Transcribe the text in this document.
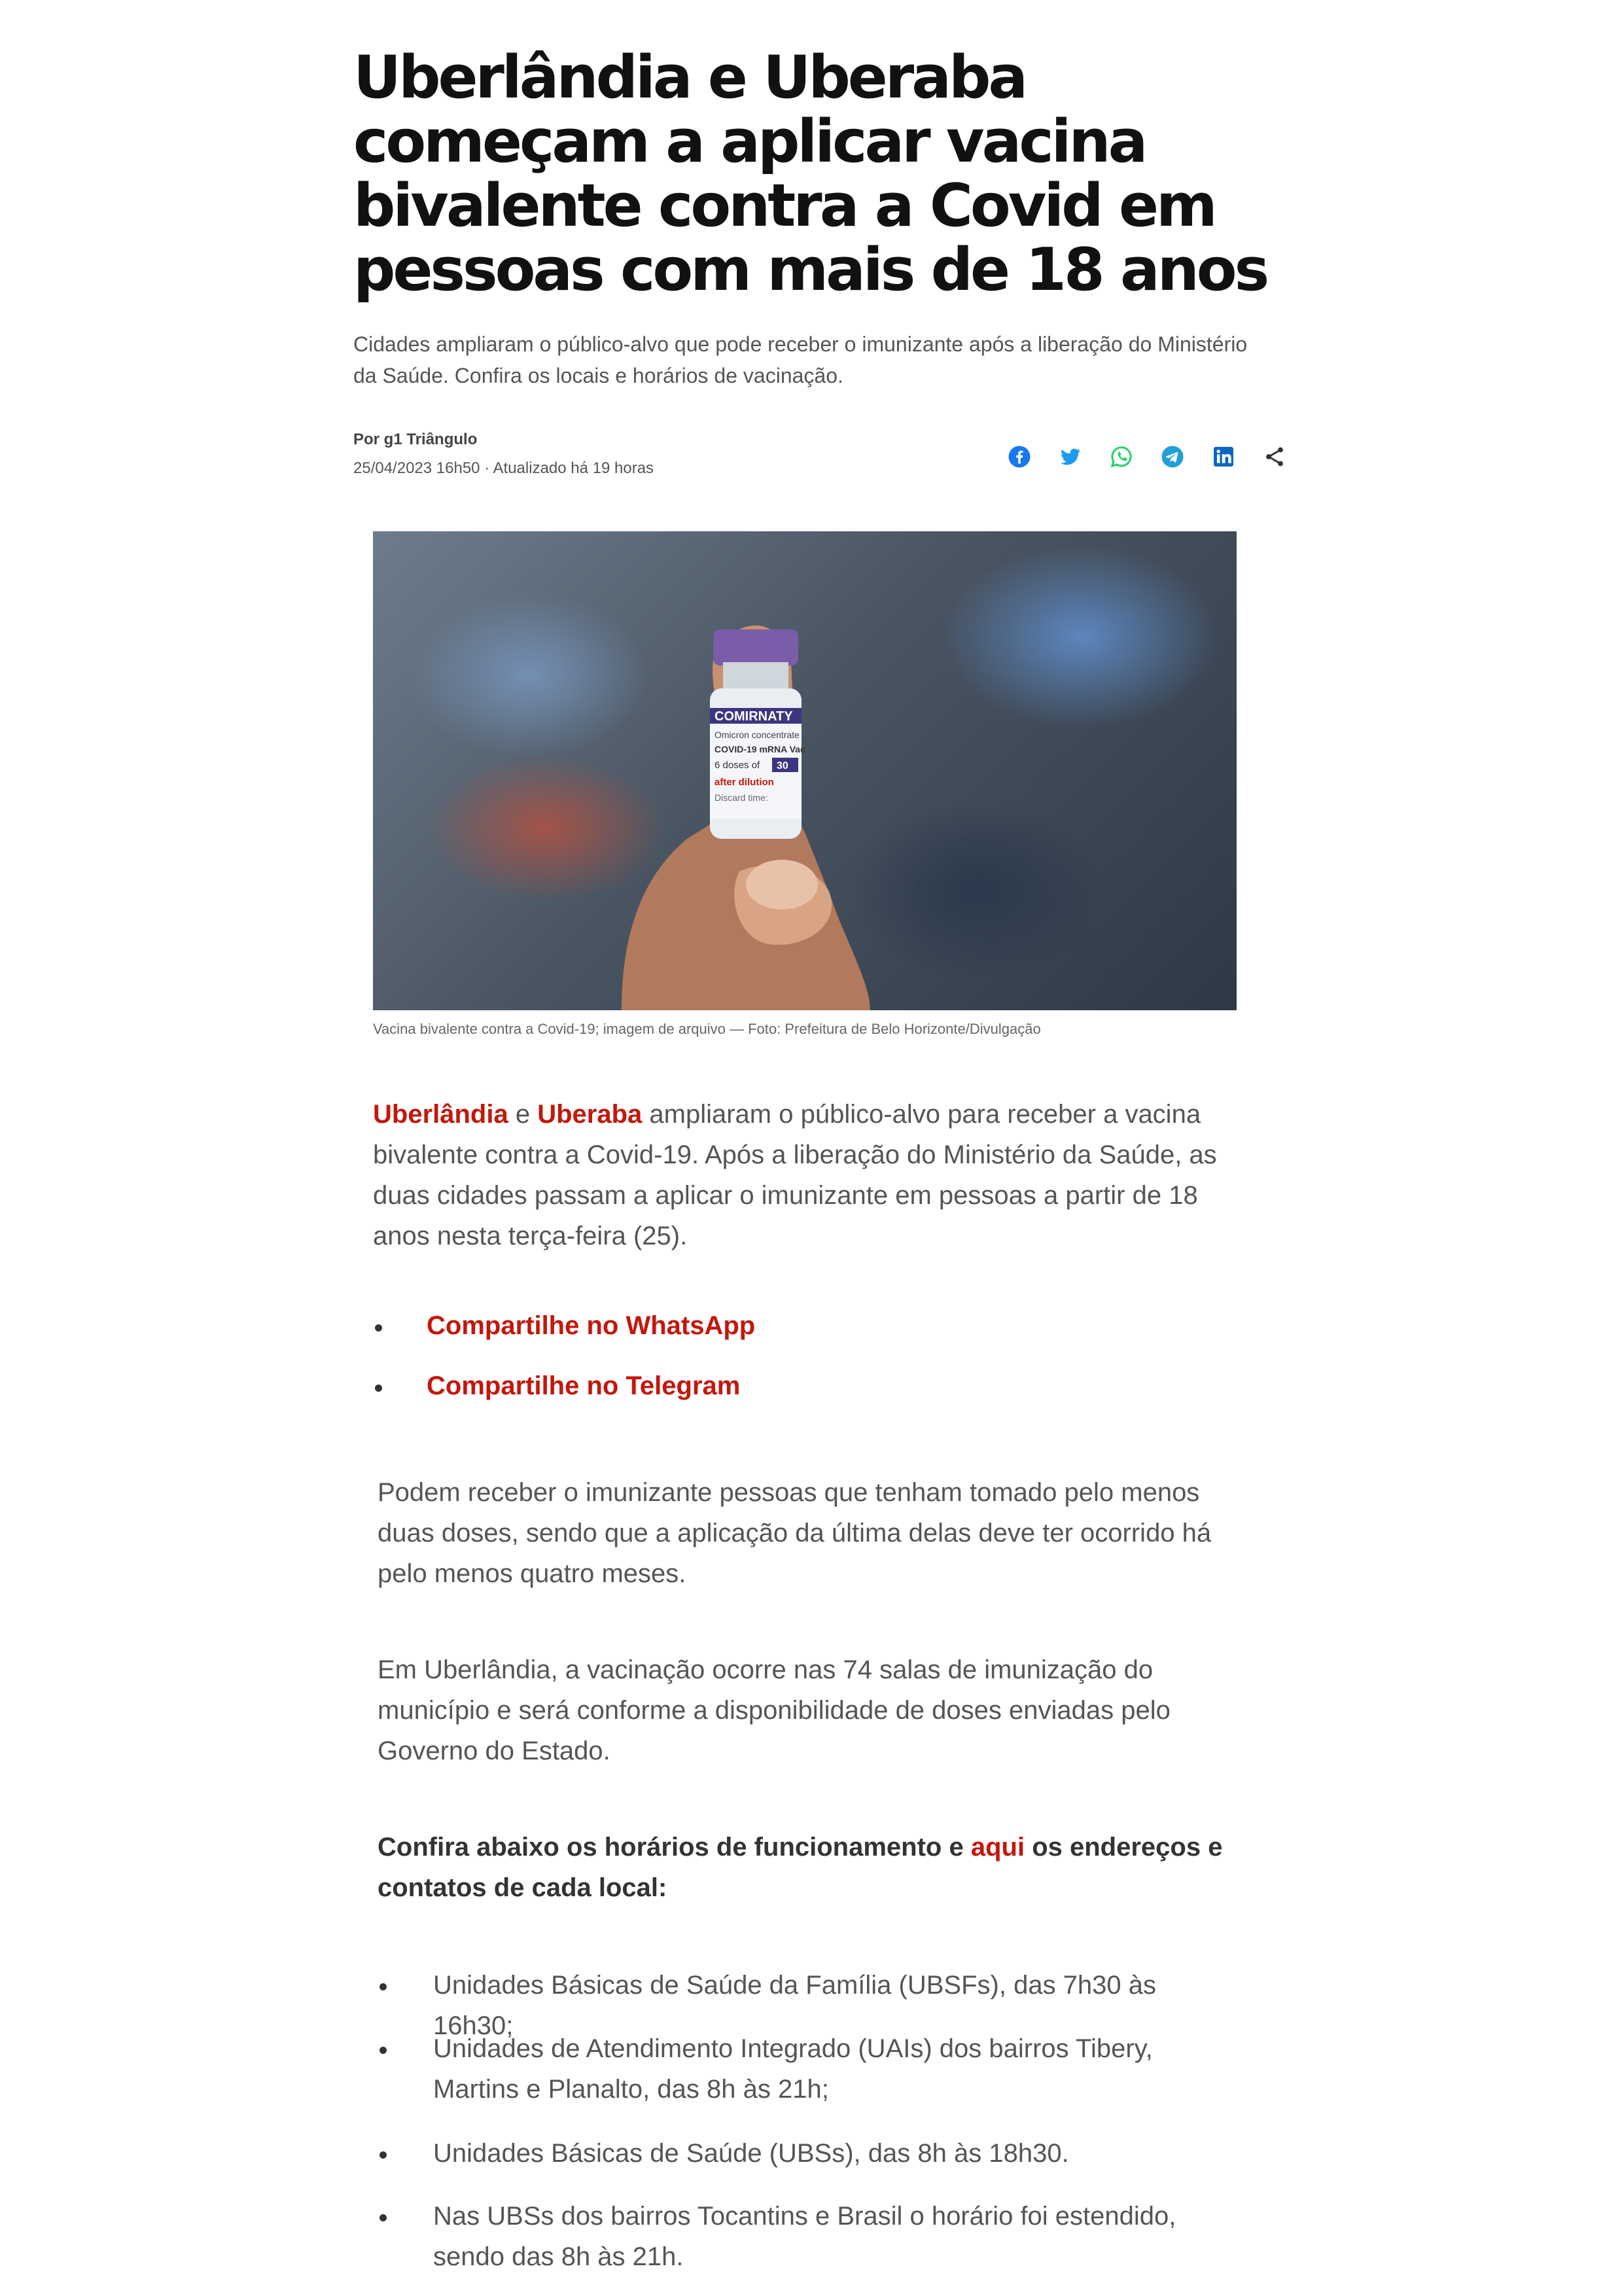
Uberlândia e Uberaba começam a aplicar vacina bivalente contra a Covid em pessoas com mais de 18 anos
Cidades ampliaram o público-alvo que pode receber o imunizante após a liberação do Ministério da Saúde. Confira os locais e horários de vacinação.
Por g1 Triângulo
25/04/2023 16h50 · Atualizado há 19 horas
COMIRNATY
Omicron concentrate
COVID-19 mRNA Vac
6 doses of 30
after dilution
Discard time:
Vacina bivalente contra a Covid-19; imagem de arquivo — Foto: Prefeitura de Belo Horizonte/Divulgação

Uberlândia e Uberaba ampliaram o público-alvo para receber a vacina bivalente contra a Covid-19. Após a liberação do Ministério da Saúde, as duas cidades passam a aplicar o imunizante em pessoas a partir de 18 anos nesta terça-feira (25).

Compartilhe no WhatsApp
Compartilhe no Telegram

Podem receber o imunizante pessoas que tenham tomado pelo menos duas doses, sendo que a aplicação da última delas deve ter ocorrido há pelo menos quatro meses.

Em Uberlândia, a vacinação ocorre nas 74 salas de imunização do município e será conforme a disponibilidade de doses enviadas pelo Governo do Estado.

Confira abaixo os horários de funcionamento e aqui os endereços e contatos de cada local:

Unidades Básicas de Saúde da Família (UBSFs), das 7h30 às 16h30;
Unidades de Atendimento Integrado (UAIs) dos bairros Tibery, Martins e Planalto, das 8h às 21h;
Unidades Básicas de Saúde (UBSs), das 8h às 18h30.
Nas UBSs dos bairros Tocantins e Brasil o horário foi estendido, sendo das 8h às 21h.
